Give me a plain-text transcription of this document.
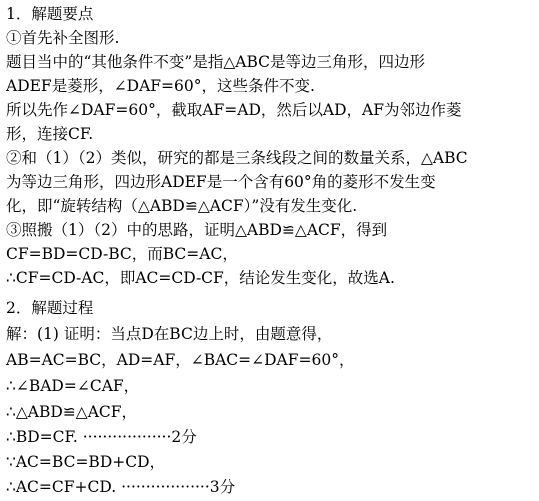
1．解题要点
①首先补全图形.
题目当中的“其他条件不变”是指△ABC是等边三角形，四边形
ADEF是菱形，∠DAF=60°，这些条件不变.
所以先作∠DAF=60°，截取AF=AD，然后以AD，AF为邻边作菱
形，连接CF.
②和（1）（2）类似，研究的都是三条线段之间的数量关系，△ABC
为等边三角形，四边形ADEF是一个含有60°角的菱形不发生变
化，即“旋转结构（△ABD≌△ACF）”没有发生变化.
③照搬（1）（2）中的思路，证明△ABD≌△ACF，得到
CF=BD=CD-BC，而BC=AC，
∴CF=CD-AC，即AC=CD-CF，结论发生变化，故选A.
2．解题过程
解：(1) 证明：当点D在BC边上时，由题意得，
AB=AC=BC，AD=AF，∠BAC=∠DAF=60°，
∴∠BAD=∠CAF，
∴△ABD≌△ACF，
∴BD=CF. ··················2分
∵AC=BC=BD+CD，
∴AC=CF+CD. ··················3分
